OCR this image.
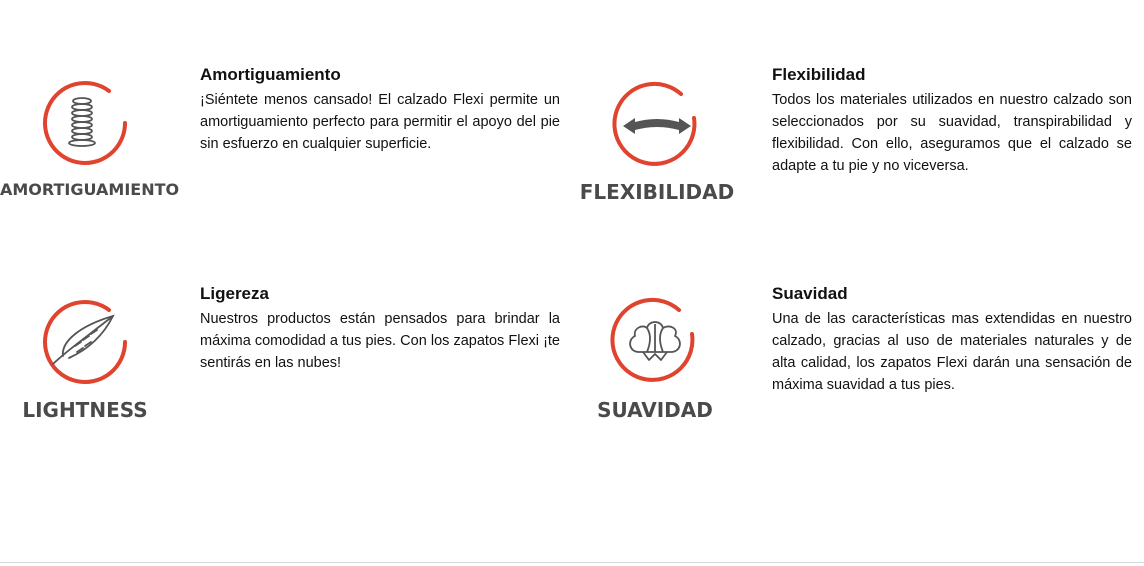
AMORTIGUAMIENTO
Amortiguamiento

¡Siéntete menos cansado! El calzado Flexi permite un amortiguamiento perfecto para permitir el apoyo del pie sin esfuerzo en cualquier superficie.

FLEXIBILIDAD
Flexibilidad

Todos los materiales utilizados en nuestro calzado son seleccionados por su suavidad, transpirabilidad y flexibilidad. Con ello, aseguramos que el calzado se adapte a tu pie y no viceversa.

LIGHTNESS
Ligereza

Nuestros productos están pensados para brindar la máxima comodidad a tus pies. Con los zapatos Flexi ¡te sentirás en las nubes!

SUAVIDAD
Suavidad

Una de las características mas extendidas en nuestro calzado, gracias al uso de materiales naturales y de alta calidad, los zapatos Flexi darán una sensación de máxima suavidad a tus pies.
